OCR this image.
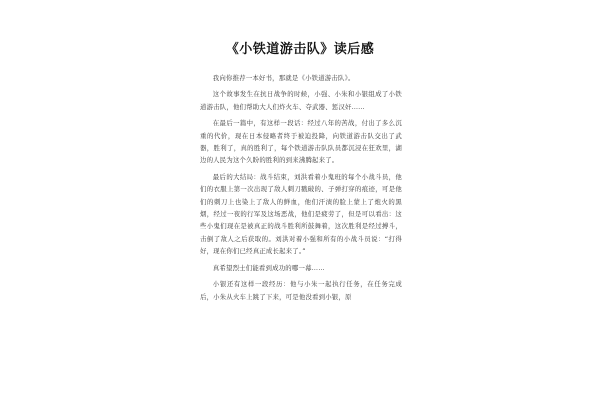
《小铁道游击队》读后感

我向你推荐一本好书，那就是《小铁道游击队》。

这个故事发生在抗日战争的时候，小强、小朱和小银组成了小铁道游击队，他们帮助大人们炸火车、夺武器、惩汉奸……

在最后一篇中，有这样一段话：经过八年的苦战，付出了多么沉重的代价，现在日本侵略者终于被迫投降，向铁道游击队交出了武器，胜利了，真的胜利了，每个铁道游击队队员都沉浸在狂欢里，湖边的人民为这个久盼的胜利的到来沸腾起来了。

最后的大结局：战斗结束，刘洪看着小鬼班的每个小战斗员，他们的衣服上第一次出现了敌人刺刀戳破的、子弹打穿的痕迹，可是他们的刺刀上也染上了敌人的鲜血，他们汗渍的脸上蒙上了炮火的黑烟，经过一夜的行军及这场恶战，他们是疲劳了，但是可以看出：这些小鬼们现在是被真正的战斗胜利所鼓舞着，这次胜利是经过搏斗，击倒了敌人之后获取的。刘洪对着小强和所有的小战斗员说：“打得好，现在你们已经真正成长起来了。”

真希望烈士们能看到成功的哪一幕……

小银还有这样一段经历：他与小朱一起执行任务，在任务完成后，小朱从火车上跳了下来，可是他没看到小银，原
